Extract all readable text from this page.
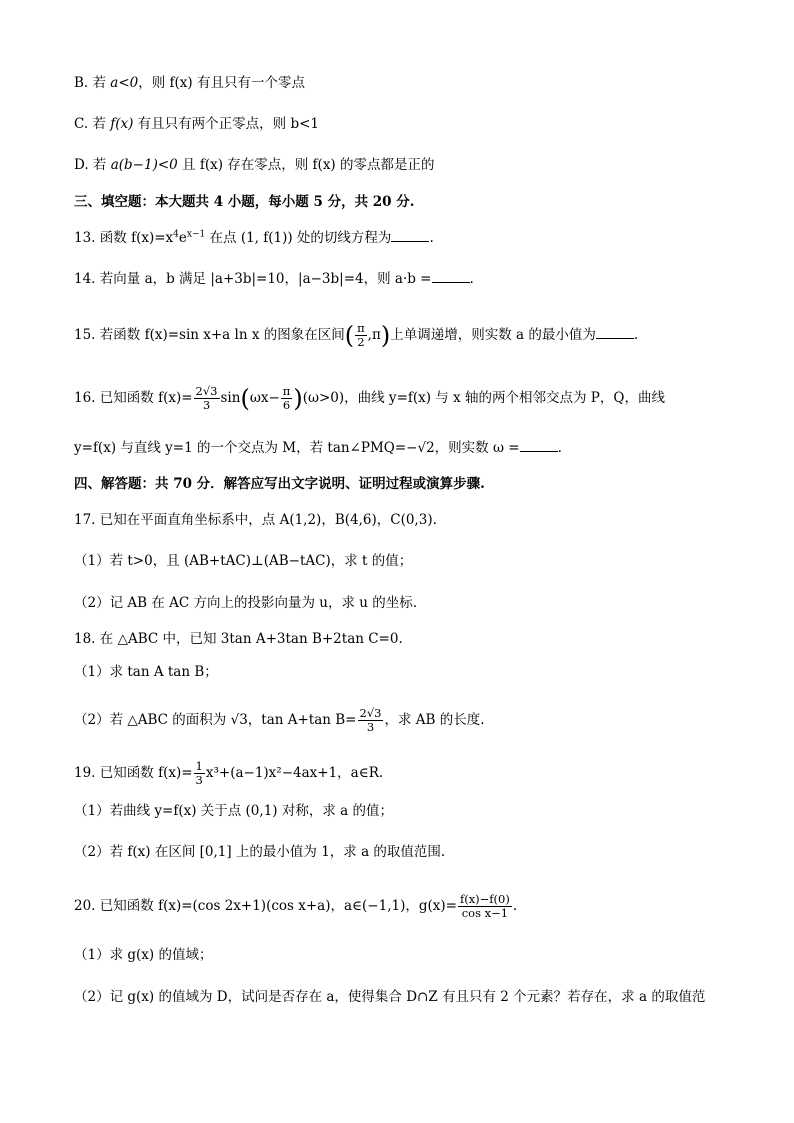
B. 若 a<0，则 f(x) 有且只有一个零点
C. 若 f(x) 有且只有两个正零点，则 b<1
D. 若 a(b−1)<0 且 f(x) 存在零点，则 f(x) 的零点都是正的
三、填空题：本大题共 4 小题，每小题 5 分，共 20 分.
13. 函数 $f(x)=x^4e^{x-1}$ 在点 (1, f(1)) 处的切线方程为	.
14. 若向量 a，b 满足 |a+3b|=10，|a−3b|=4，则 a·b =	.
15. 若函数 f(x)=sin x+a ln x 的图象在区间( $\frac{\pi}{2} ,\pi$)上单调递增，则实数 a 的最小值为	.
16. 已知函数 $f(x)= \frac{2√3}{3} \sin(\omega x- \frac{\pi}{6} )(\omega>0)$，曲线 y=f(x) 与 x 轴的两个相邻交点为 P，Q，曲线
y=f(x) 与直线 y=1 的一个交点为 M，若 tan∠PMQ=−√2，则实数 ω =	.
四、解答题：共 70 分．解答应写出文字说明、证明过程或演算步骤.
17. 已知在平面直角坐标系中，点 A(1,2)，B(4,6)，C(0,3).
（1）若 t>0，且 (AB+tAC)⊥(AB−tAC)，求 t 的值；
（2）记 AB 在 AC 方向上的投影向量为 u，求 u 的坐标.
18. 在 △ABC 中，已知 3tan A+3tan B+2tan C=0.
（1）求 tan A tan B；
（2）若 △ABC 的面积为 √3，tan A+tan $B= \frac{2√3}{3}$ ，求 AB 的长度.
19. 已知函数 $f(x)= \frac{1}{3} x^3+(a-1)x^2-4ax+1$，a∈R.
（1）若曲线 y=f(x) 关于点 (0,1) 对称，求 a 的值；
（2）若 f(x) 在区间 [0,1] 上的最小值为 1，求 a 的取值范围.
20. 已知函数 f(x)=(cos 2x+1)(cos x+a)，a∈(−1,1)，$g(x)= \frac{f(x)-f(0)}{\text{cos x−1}}$ .
（1）求 g(x) 的值域；
（2）记 g(x) 的值域为 D，试问是否存在 a，使得集合 D∩Z 有且只有 2 个元素？若存在，求 a 的取值范
